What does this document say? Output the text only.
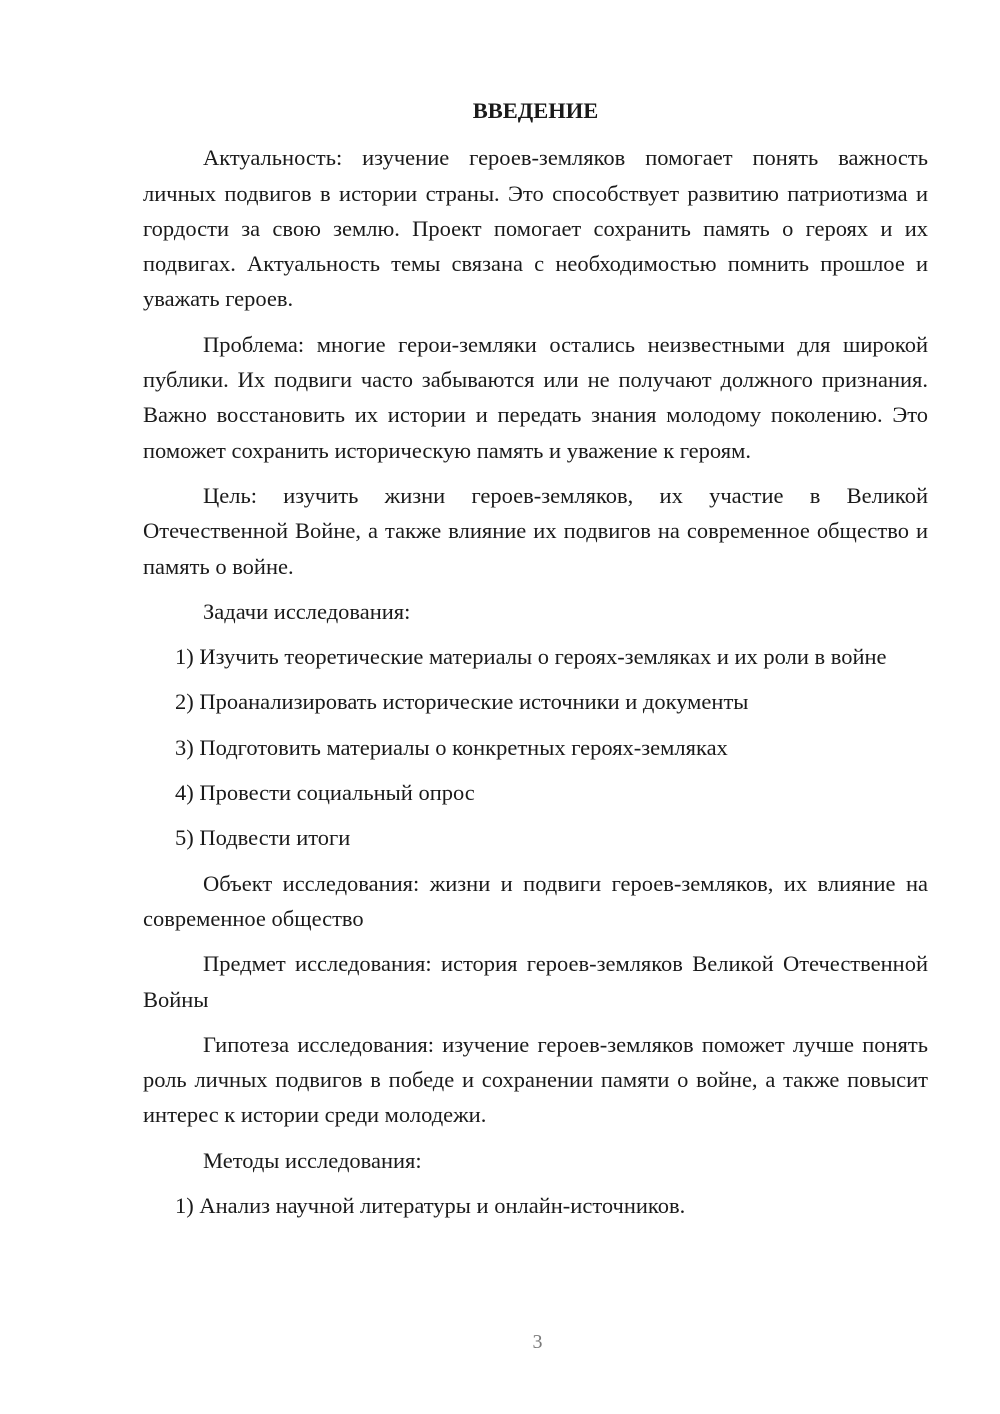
ВВЕДЕНИЕ

Актуальность: изучение героев-земляков помогает понять важность личных подвигов в истории страны. Это способствует развитию патриотизма и гордости за свою землю. Проект помогает сохранить память о героях и их подвигах. Актуальность темы связана с необходимостью помнить прошлое и уважать героев.

Проблема: многие герои-земляки остались неизвестными для широкой публики. Их подвиги часто забываются или не получают должного признания. Важно восстановить их истории и передать знания молодому поколению. Это поможет сохранить историческую память и уважение к героям.

Цель: изучить жизни героев-земляков, их участие в Великой Отечественной Войне, а также влияние их подвигов на современное общество и память о войне.

Задачи исследования:

1) Изучить теоретические материалы о героях-земляках и их роли в войне

2) Проанализировать исторические источники и документы

3) Подготовить материалы о конкретных героях-земляках

4) Провести социальный опрос

5) Подвести итоги

Объект исследования: жизни и подвиги героев-земляков, их влияние на современное общество

Предмет исследования: история героев-земляков Великой Отечественной Войны

Гипотеза исследования: изучение героев-земляков поможет лучше понять роль личных подвигов в победе и сохранении памяти о войне, а также повысит интерес к истории среди молодежи.

Методы исследования:

1) Анализ научной литературы и онлайн-источников.

3
